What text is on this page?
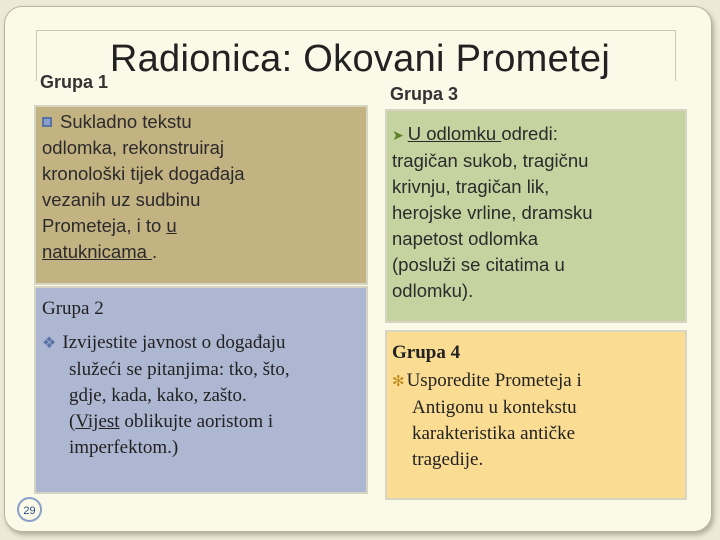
Radionica: Okovani Prometej
Grupa 1
Grupa 3
Sukladno tekstu
odlomka, rekonstruiraj
kronološki tijek događaja
vezanih uz sudbinu
Prometeja, i to u
natuknicama .
➤ U odlomku odredi:
tragičan sukob, tragičnu
krivnju, tragičan lik,
herojske vrline, dramsku
napetost odlomka
(posluži se citatima u
odlomku).
Grupa 2
❖ Izvijestite javnost o događaju
služeći se pitanjima: tko, što,
gdje, kada, kako, zašto.
(Vijest oblikujte aoristom i
imperfektom.)
Grupa 4
✻ Usporedite Prometeja i
Antigonu u kontekstu
karakteristika antičke
tragedije.
29
